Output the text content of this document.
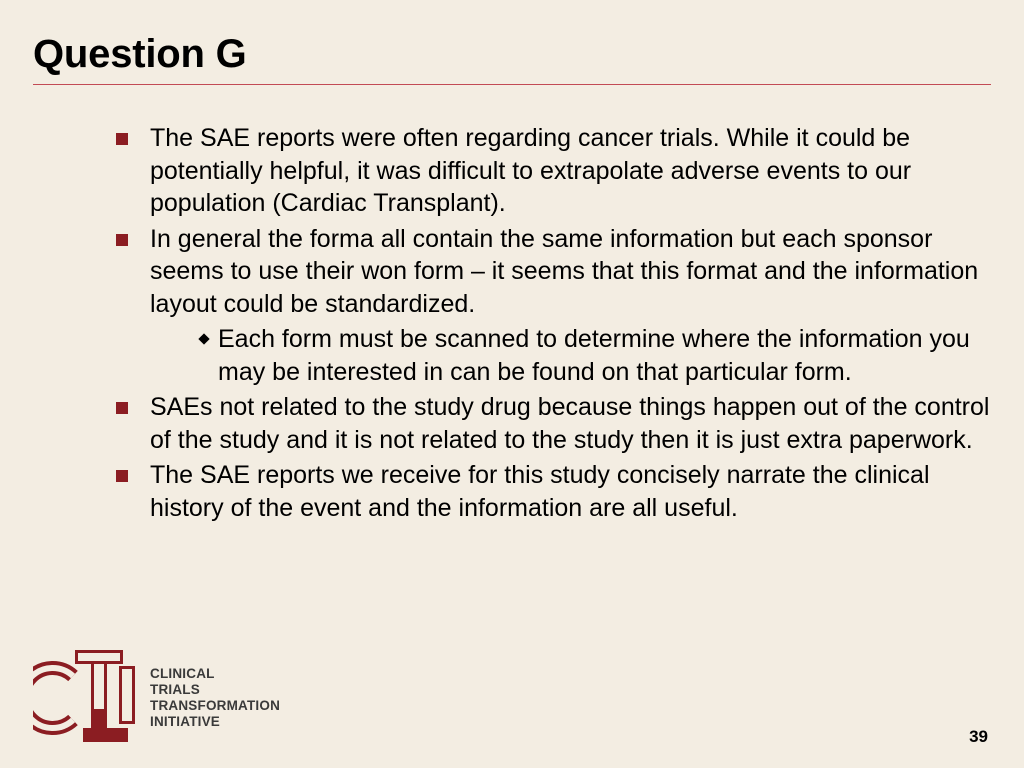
Question G
The SAE reports were often regarding cancer trials. While it could be potentially helpful, it was difficult to extrapolate adverse events to our population (Cardiac Transplant).
In general the forma all contain the same information but each sponsor seems to use their won form – it seems that this format and the information layout could be standardized.
Each form must be scanned to determine where the information you may be interested in can be found on that particular form.
SAEs not related to the study drug because things happen out of the control of the study and it is not related to the study then it is just extra paperwork.
The SAE reports we receive for this study concisely narrate the clinical history of the event and the information are all useful.
CLINICAL
TRIALS
TRANSFORMATION
INITIATIVE
39
